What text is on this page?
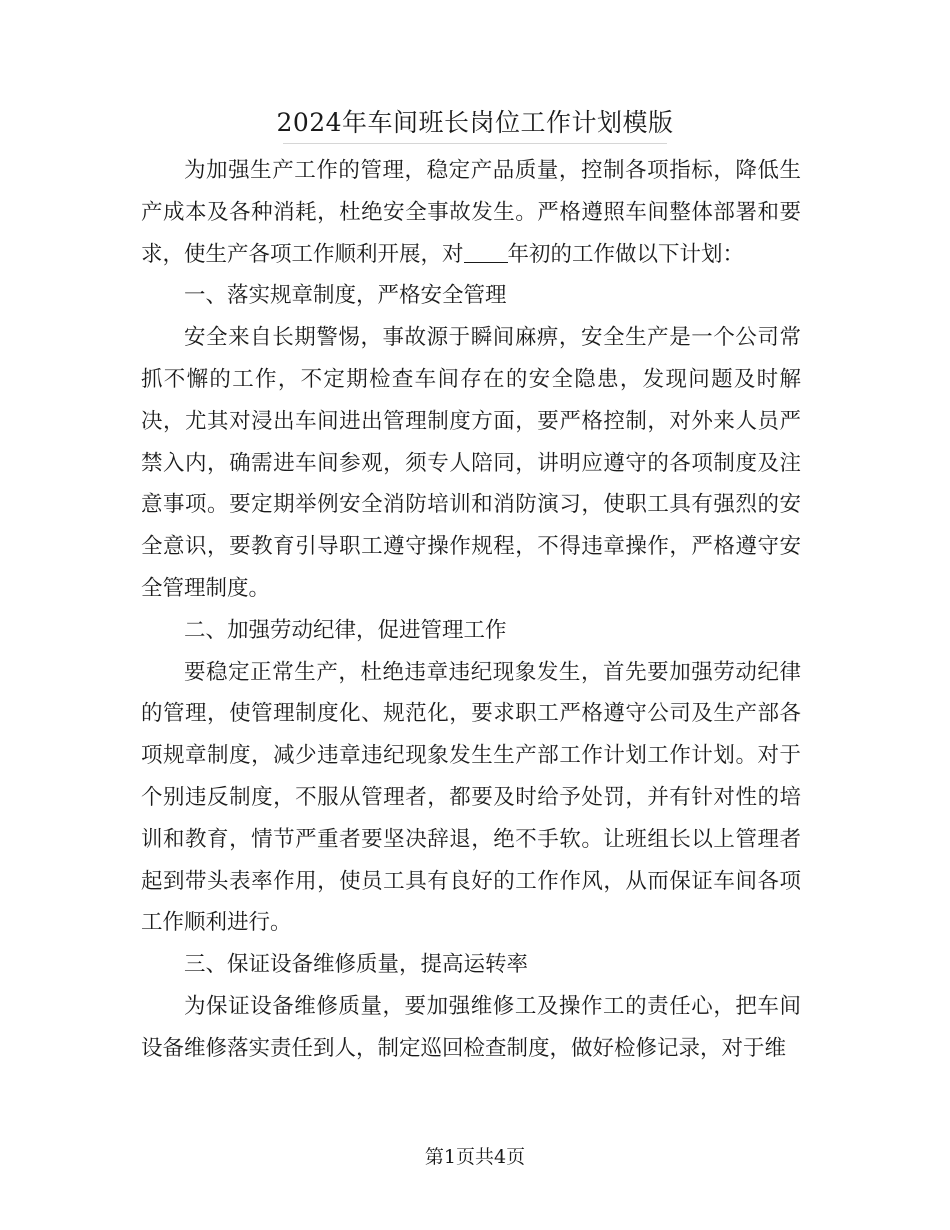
2024年车间班长岗位工作计划模版

为加强生产工作的管理，稳定产品质量，控制各项指标，降低生产成本及各种消耗，杜绝安全事故发生。严格遵照车间整体部署和要求，使生产各项工作顺利开展，对 年初的工作做以下计划：

一、落实规章制度，严格安全管理

安全来自长期警惕，事故源于瞬间麻痹，安全生产是一个公司常抓不懈的工作，不定期检查车间存在的安全隐患，发现问题及时解决，尤其对浸出车间进出管理制度方面，要严格控制，对外来人员严禁入内，确需进车间参观，须专人陪同，讲明应遵守的各项制度及注意事项。要定期举例安全消防培训和消防演习，使职工具有强烈的安全意识，要教育引导职工遵守操作规程，不得违章操作，严格遵守安全管理制度。

二、加强劳动纪律，促进管理工作

要稳定正常生产，杜绝违章违纪现象发生，首先要加强劳动纪律的管理，使管理制度化、规范化，要求职工严格遵守公司及生产部各项规章制度，减少违章违纪现象发生生产部工作计划工作计划。对于个别违反制度，不服从管理者，都要及时给予处罚，并有针对性的培训和教育，情节严重者要坚决辞退，绝不手软。让班组长以上管理者起到带头表率作用，使员工具有良好的工作作风，从而保证车间各项工作顺利进行。

三、保证设备维修质量，提高运转率

为保证设备维修质量，要加强维修工及操作工的责任心，把车间设备维修落实责任到人，制定巡回检查制度，做好检修记录，对于维

第1页共4页
